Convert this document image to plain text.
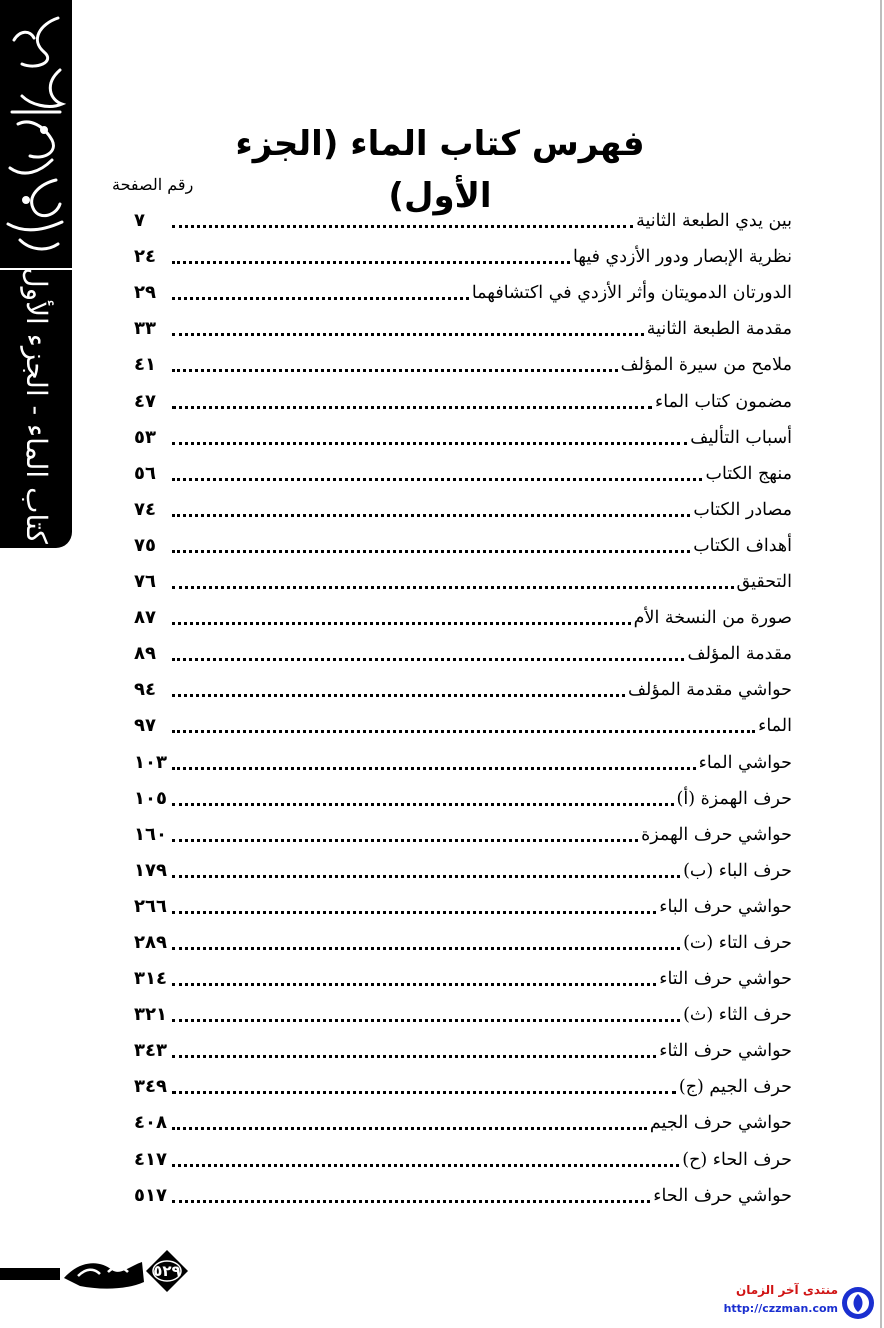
كتاب الماء - الجزء الأول
فهرس كتاب الماء (الجزء الأول)
رقم الصفحة
بين يدي الطبعة الثانية
٧
نظرية الإبصار ودور الأزدي فيها
٢٤
الدورتان الدمويتان وأثر الأزدي في اكتشافهما
٢٩
مقدمة الطبعة الثانية
٣٣
ملامح من سيرة المؤلف
٤١
مضمون كتاب الماء
٤٧
أسباب التأليف
٥٣
منهج الكتاب
٥٦
مصادر الكتاب
٧٤
أهداف الكتاب
٧٥
التحقيق
٧٦
صورة من النسخة الأم
٨٧
مقدمة المؤلف
٨٩
حواشي مقدمة المؤلف
٩٤
الماء
٩٧
حواشي الماء
١٠٣
حرف الهمزة (أ)
١٠٥
حواشي حرف الهمزة
١٦٠
حرف الباء (ب)
١٧٩
حواشي حرف الباء
٢٦٦
حرف التاء (ت)
٢٨٩
حواشي حرف التاء
٣١٤
حرف الثاء (ث)
٣٢١
حواشي حرف الثاء
٣٤٣
حرف الجيم (ج)
٣٤٩
حواشي حرف الجيم
٤٠٨
حرف الحاء (ح)
٤١٧
حواشي حرف الحاء
٥١٧
٥٢٩
منتدى آخر الزمان
http://czzman.com
